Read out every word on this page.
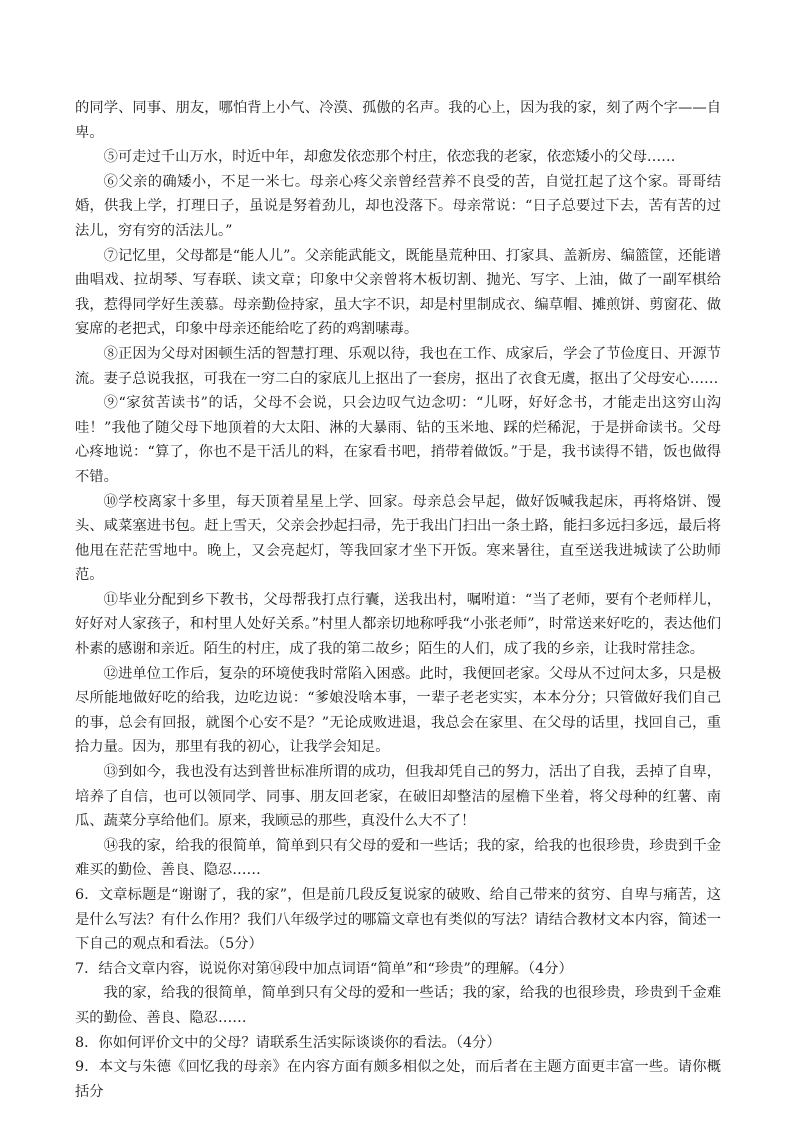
的同学、同事、朋友，哪怕背上小气、冷漠、孤傲的名声。我的心上，因为我的家，刻了两个字——自卑。

⑤可走过千山万水，时近中年，却愈发依恋那个村庄，依恋我的老家，依恋矮小的父母……

⑥父亲的确矮小，不足一米七。母亲心疼父亲曾经营养不良受的苦，自觉扛起了这个家。哥哥结婚，供我上学，打理日子，虽说是努着劲儿，却也没落下。母亲常说：“日子总要过下去，苦有苦的过法儿，穷有穷的活法儿。”

⑦记忆里，父母都是“能人儿”。父亲能武能文，既能垦荒种田、打家具、盖新房、编篮筐，还能谱曲唱戏、拉胡琴、写春联、读文章；印象中父亲曾将木板切割、抛光、写字、上油，做了一副军棋给我，惹得同学好生羡慕。母亲勤俭持家，虽大字不识，却是村里制成衣、编草帽、摊煎饼、剪窗花、做宴席的老把式，印象中母亲还能给吃了药的鸡割嗉毒。

⑧正因为父母对困顿生活的智慧打理、乐观以待，我也在工作、成家后，学会了节俭度日、开源节流。妻子总说我抠，可我在一穷二白的家底儿上抠出了一套房，抠出了衣食无虞，抠出了父母安心……

⑨“家贫苦读书”的话，父母不会说，只会边叹气边念叨：“儿呀，好好念书，才能走出这穷山沟哇！”我他了随父母下地顶着的大太阳、淋的大暴雨、钻的玉米地、踩的烂稀泥，于是拼命读书。父母心疼地说：“算了，你也不是干活儿的料，在家看书吧，捎带着做饭。”于是，我书读得不错，饭也做得不错。

⑩学校离家十多里，每天顶着星星上学、回家。母亲总会早起，做好饭喊我起床，再将烙饼、馒头、咸菜塞进书包。赶上雪天，父亲会抄起扫帚，先于我出门扫出一条土路，能扫多远扫多远，最后将他甩在茫茫雪地中。晚上，又会亮起灯，等我回家才坐下开饭。寒来暑往，直至送我进城读了公助师范。

⑪毕业分配到乡下教书，父母帮我打点行囊，送我出村，嘱咐道：“当了老师，要有个老师样儿，好好对人家孩子，和村里人处好关系。”村里人都亲切地称呼我“小张老师”，时常送来好吃的，表达他们朴素的感谢和亲近。陌生的村庄，成了我的第二故乡；陌生的人们，成了我的乡亲，让我时常挂念。

⑫进单位工作后，复杂的环境使我时常陷入困惑。此时，我便回老家。父母从不过问太多，只是极尽所能地做好吃的给我，边吃边说：“爹娘没啥本事，一辈子老老实实，本本分分；只管做好我们自己的事，总会有回报，就图个心安不是？”无论成败进退，我总会在家里、在父母的话里，找回自己，重拾力量。因为，那里有我的初心，让我学会知足。

⑬到如今，我也没有达到普世标准所谓的成功，但我却凭自己的努力，活出了自我，丢掉了自卑，培养了自信，也可以领同学、同事、朋友回老家，在破旧却整洁的屋檐下坐着，将父母种的红薯、南瓜、蔬菜分享给他们。原来，我顾忌的那些，真没什么大不了！

⑭我的家，给我的很简单，简单到只有父母的爱和一些话；我的家，给我的也很珍贵，珍贵到千金难买的勤俭、善良、隐忍……

6．文章标题是“谢谢了，我的家”，但是前几段反复说家的破败、给自己带来的贫穷、自卑与痛苦，这是什么写法？有什么作用？我们八年级学过的哪篇文章也有类似的写法？请结合教材文本内容，简述一下自己的观点和看法。（5分）

7．结合文章内容，说说你对第⑭段中加点词语“简单”和“珍贵”的理解。（4分）

我的家，给我的很简单，简单到只有父母的爱和一些话；我的家，给我的也很珍贵，珍贵到千金难买的勤俭、善良、隐忍……

8．你如何评价文中的父母？请联系生活实际谈谈你的看法。（4分）

9．本文与朱德《回忆我的母亲》在内容方面有颇多相似之处，而后者在主题方面更丰富一些。请你概括分
